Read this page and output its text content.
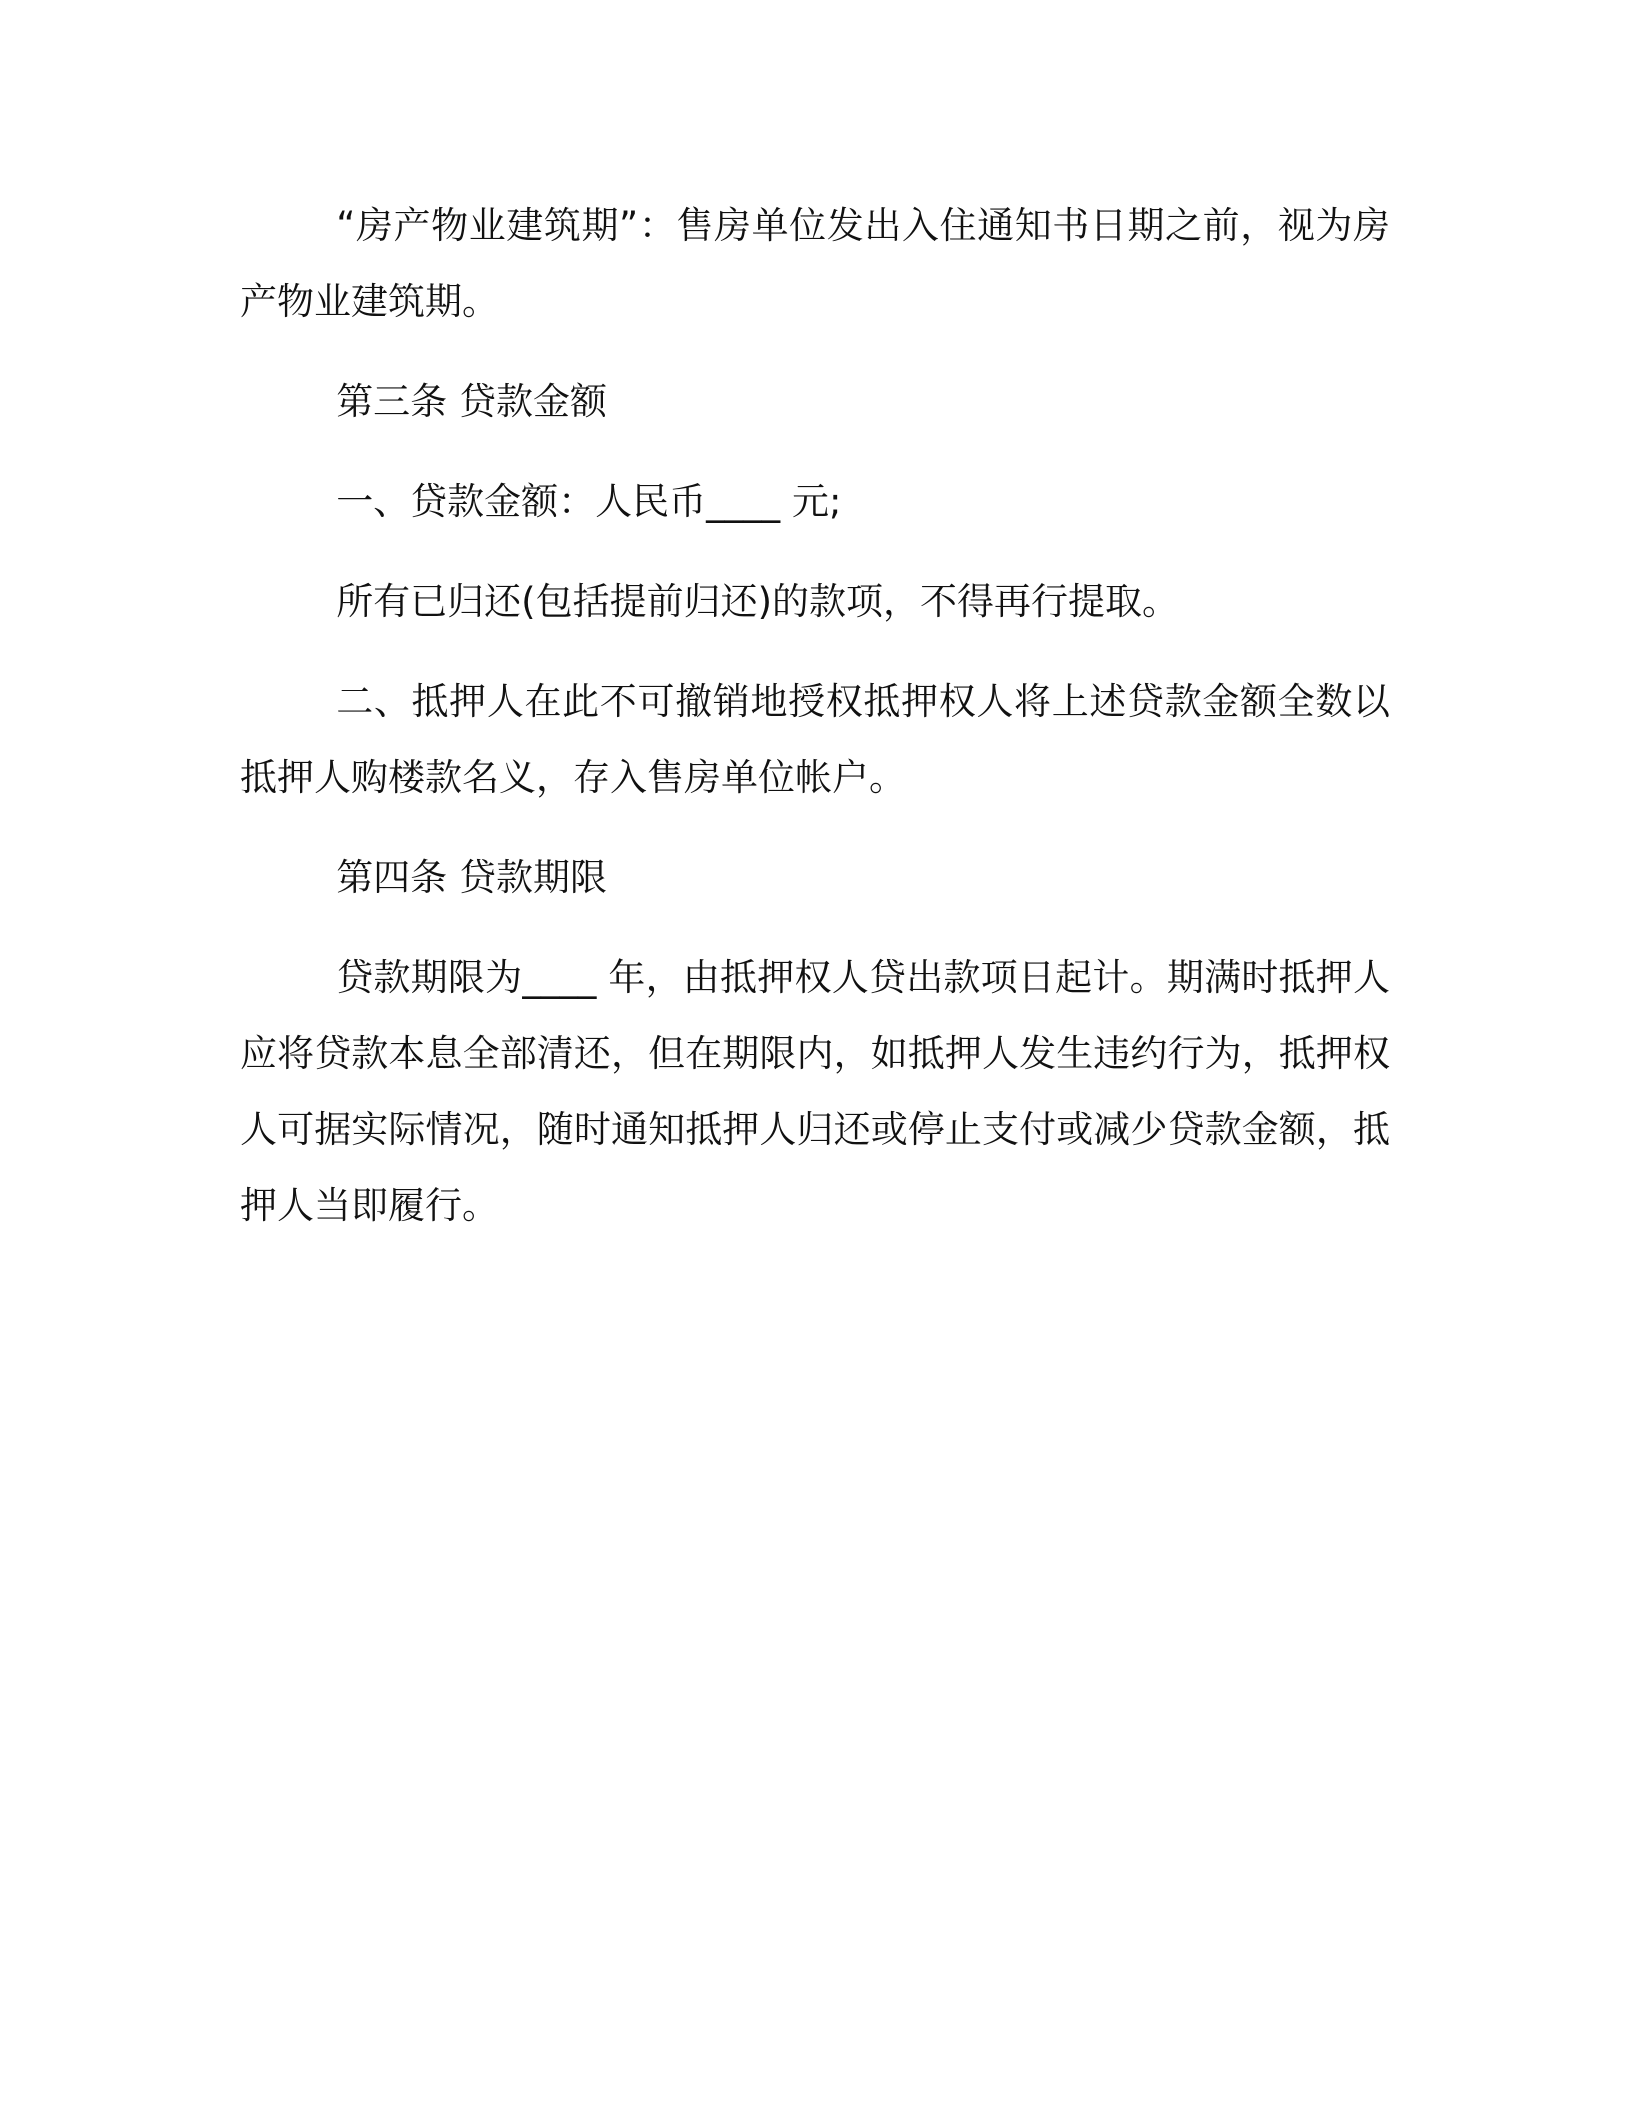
“房产物业建筑期”：售房单位发出入住通知书日期之前，视为房产物业建筑期。

第三条 贷款金额

一、贷款金额：人民币____ 元;

所有已归还(包括提前归还)的款项，不得再行提取。

二、抵押人在此不可撤销地授权抵押权人将上述贷款金额全数以抵押人购楼款名义，存入售房单位帐户。

第四条 贷款期限

贷款期限为____ 年，由抵押权人贷出款项日起计。期满时抵押人应将贷款本息全部清还，但在期限内，如抵押人发生违约行为，抵押权人可据实际情况，随时通知抵押人归还或停止支付或减少贷款金额，抵押人当即履行。
